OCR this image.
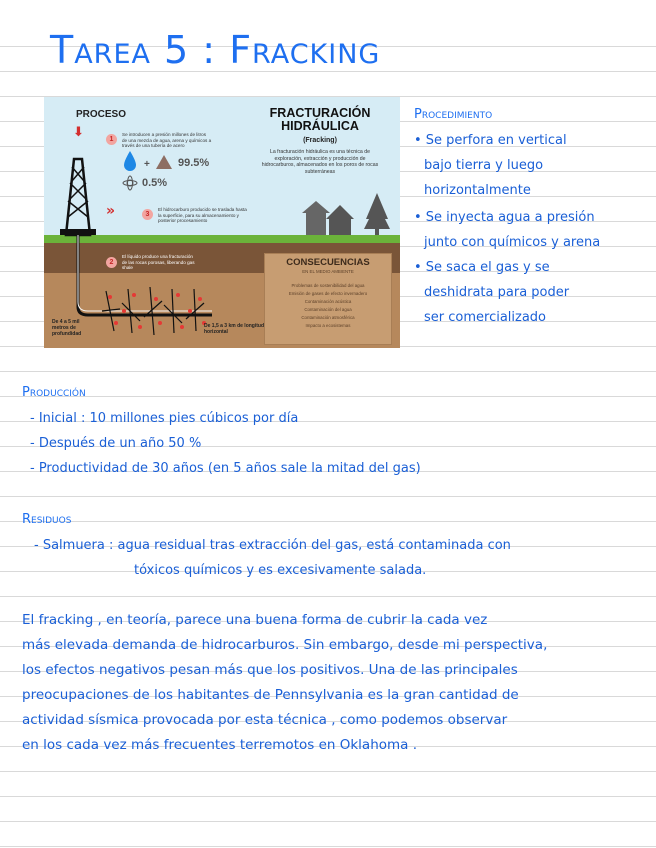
Tarea 5 : Fracking
+
PROCESO
⬇
FRACTURACIÓN
HIDRÁULICA
(Fracking)
La fracturación hidráulica es una técnica de exploración, extracción y producción de hidrocarburos, almacenados en los poros de rocas subterráneas
1
Se introducen a presión millones de litros de una mezcla de agua, arena y químicos a través de una tubería de acero
99.5%
0.5%
»	3
El hidrocarburo producido se traslada hasta la superficie, para su almacenamiento y posterior procesamiento
2
El líquido produce una fracturación de las rocas porosas, liberando gas shale
De 4 a 5 mil metros de profundidad
De 1,5 a 3 km de longitud horizontal
CONSECUENCIAS
EN EL MEDIO AMBIENTE
Problemas de sostenibilidad del agua
Emisión de gases de efecto invernadero
Contaminación acústica
Contaminación del agua
Contaminación atmosférica
Impacto a ecosistemas
Procedimiento
• Se perfora en vertical
bajo tierra y luego
horizontalmente
• Se inyecta agua a presión
junto con químicos y arena
• Se saca el gas y se
deshidrata para poder
ser comercializado
Producción
- Inicial : 10 millones pies cúbicos por día
- Después de un año 50 %
- Productividad de 30 años (en 5 años sale la mitad del gas)
Residuos
- Salmuera : agua residual tras extracción del gas, está contaminada con
tóxicos químicos y es excesivamente salada.
El fracking , en teoría, parece una buena forma de cubrir la cada vez
más elevada demanda de hidrocarburos. Sin embargo, desde mi perspectiva,
los efectos negativos pesan más que los positivos. Una de las principales
preocupaciones de los habitantes de Pennsylvania es la gran cantidad de
actividad sísmica provocada por esta técnica , como podemos observar
en los cada vez más frecuentes terremotos en Oklahoma .
